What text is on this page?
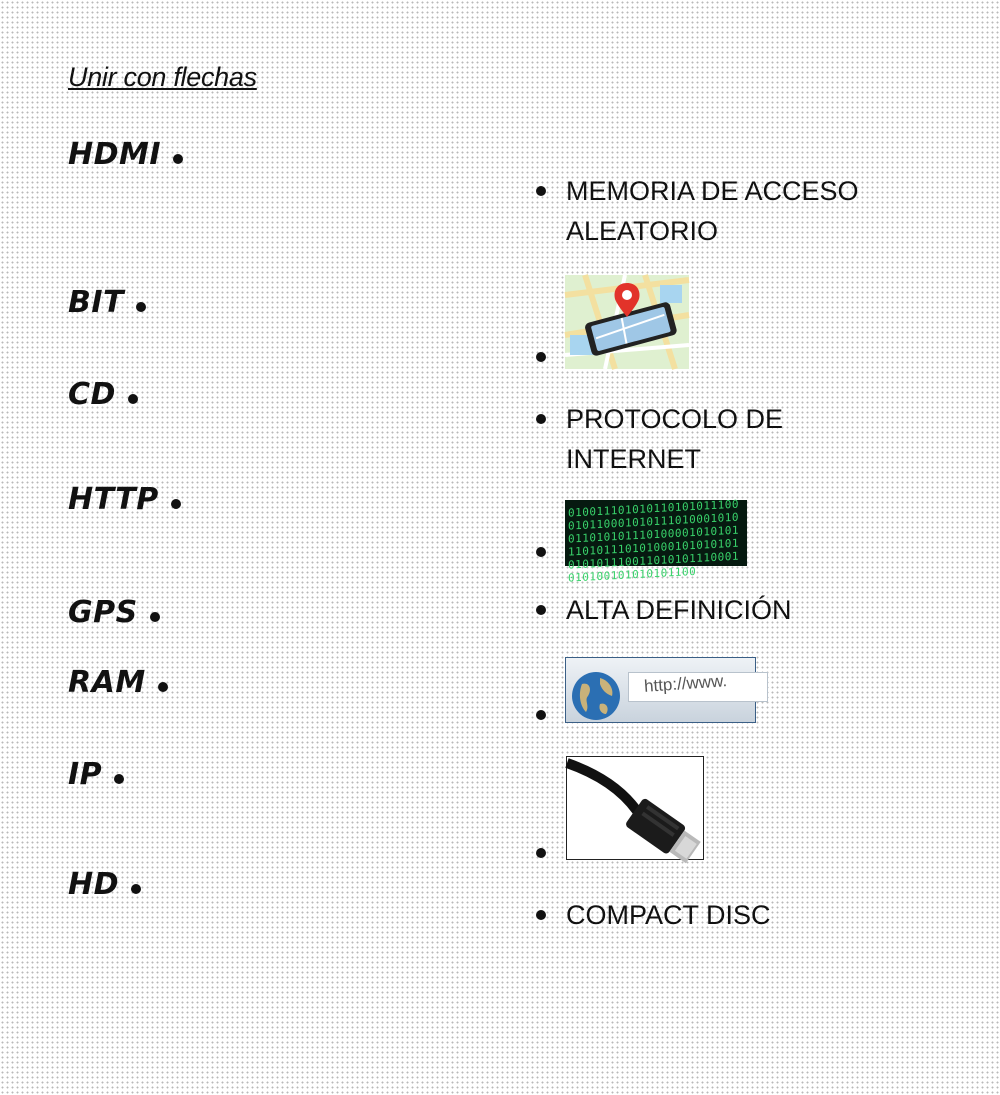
Unir con flechas
HDMI
BIT
CD
HTTP
GPS
RAM
IP
HD
MEMORIA DE ACCESO
ALEATORIO
PROTOCOLO DE
INTERNET
010011101010110101011100010110001010111010001010011010101110100001010101110101110101000101010101010101110011010101110001010100101010101100
ALTA DEFINICIÓN
http://www.
COMPACT DISC
